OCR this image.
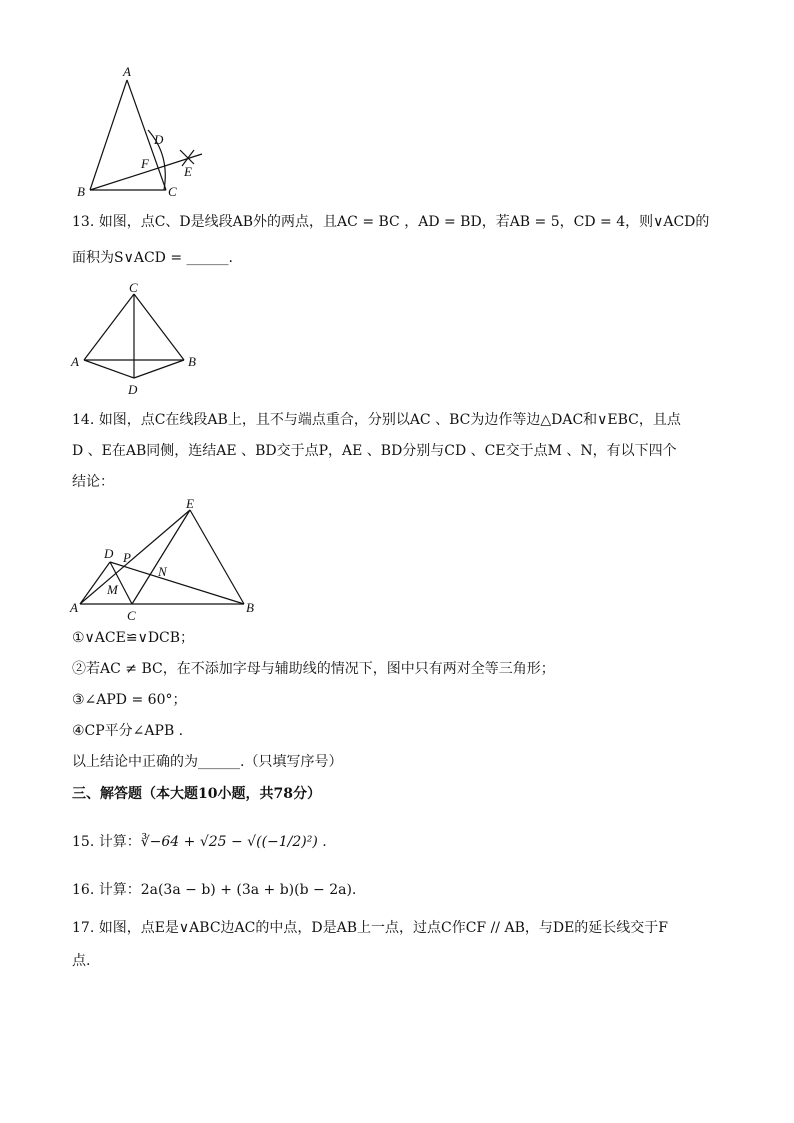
A
B	C
D
E
F
13. 如图，点C、D是线段AB外的两点，且AC = BC ，AD = BD，若AB = 5，CD = 4，则∨ACD的
面积为S∨ACD = ______.
C
A	B
D
14. 如图，点C在线段AB上，且不与端点重合，分别以AC 、BC为边作等边△DAC和∨EBC，且点
D 、E在AB同侧，连结AE 、BD交于点P，AE 、BD分别与CD 、CE交于点M 、N，有以下四个
结论：
E
D P
N
M
A
C
B
①∨ACE≌∨DCB；
②若AC ≠ BC，在不添加字母与辅助线的情况下，图中只有两对全等三角形；
③∠APD = 60°；
④CP平分∠APB .
以上结论中正确的为______.（只填写序号）
三、解答题（本大题10小题，共78分）
15. 计算：∛−64 + √25 − √((−1/2)²) .
16. 计算：2a(3a − b) + (3a + b)(b − 2a).
17. 如图，点E是∨ABC边AC的中点，D是AB上一点，过点C作CF // AB，与DE的延长线交于F
点.
